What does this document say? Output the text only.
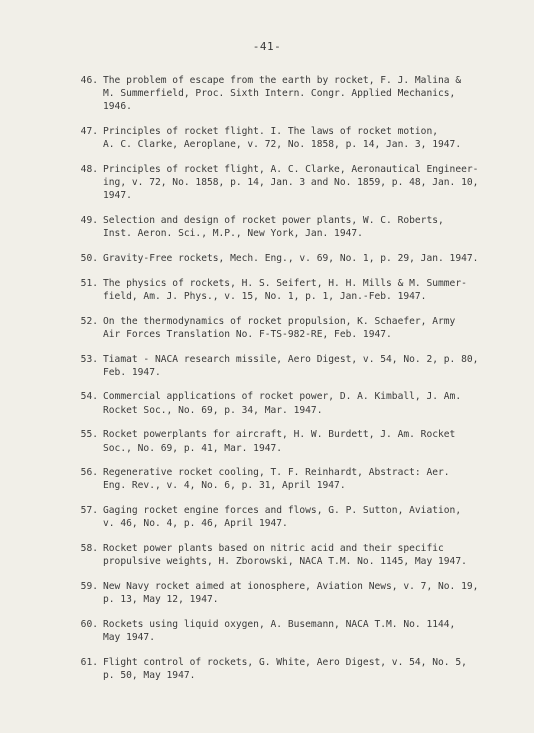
-41-
46. The problem of escape from the earth by rocket, F. J. Malina &
M. Summerfield, Proc. Sixth Intern. Congr. Applied Mechanics,
1946.
47. Principles of rocket flight. I. The laws of rocket motion,
A. C. Clarke, Aeroplane, v. 72, No. 1858, p. 14, Jan. 3, 1947.
48. Principles of rocket flight, A. C. Clarke, Aeronautical Engineer-
ing, v. 72, No. 1858, p. 14, Jan. 3 and No. 1859, p. 48, Jan. 10,
1947.
49. Selection and design of rocket power plants, W. C. Roberts,
Inst. Aeron. Sci., M.P., New York, Jan. 1947.
50. Gravity-Free rockets, Mech. Eng., v. 69, No. 1, p. 29, Jan. 1947.
51. The physics of rockets, H. S. Seifert, H. H. Mills & M. Summer-
field, Am. J. Phys., v. 15, No. 1, p. 1, Jan.-Feb. 1947.
52. On the thermodynamics of rocket propulsion, K. Schaefer, Army
Air Forces Translation No. F-TS-982-RE, Feb. 1947.
53. Tiamat - NACA research missile, Aero Digest, v. 54, No. 2, p. 80,
Feb. 1947.
54. Commercial applications of rocket power, D. A. Kimball, J. Am.
Rocket Soc., No. 69, p. 34, Mar. 1947.
55. Rocket powerplants for aircraft, H. W. Burdett, J. Am. Rocket
Soc., No. 69, p. 41, Mar. 1947.
56. Regenerative rocket cooling, T. F. Reinhardt, Abstract: Aer.
Eng. Rev., v. 4, No. 6, p. 31, April 1947.
57. Gaging rocket engine forces and flows, G. P. Sutton, Aviation,
v. 46, No. 4, p. 46, April 1947.
58. Rocket power plants based on nitric acid and their specific
propulsive weights, H. Zborowski, NACA T.M. No. 1145, May 1947.
59. New Navy rocket aimed at ionosphere, Aviation News, v. 7, No. 19,
p. 13, May 12, 1947.
60. Rockets using liquid oxygen, A. Busemann, NACA T.M. No. 1144,
May 1947.
61. Flight control of rockets, G. White, Aero Digest, v. 54, No. 5,
p. 50, May 1947.
